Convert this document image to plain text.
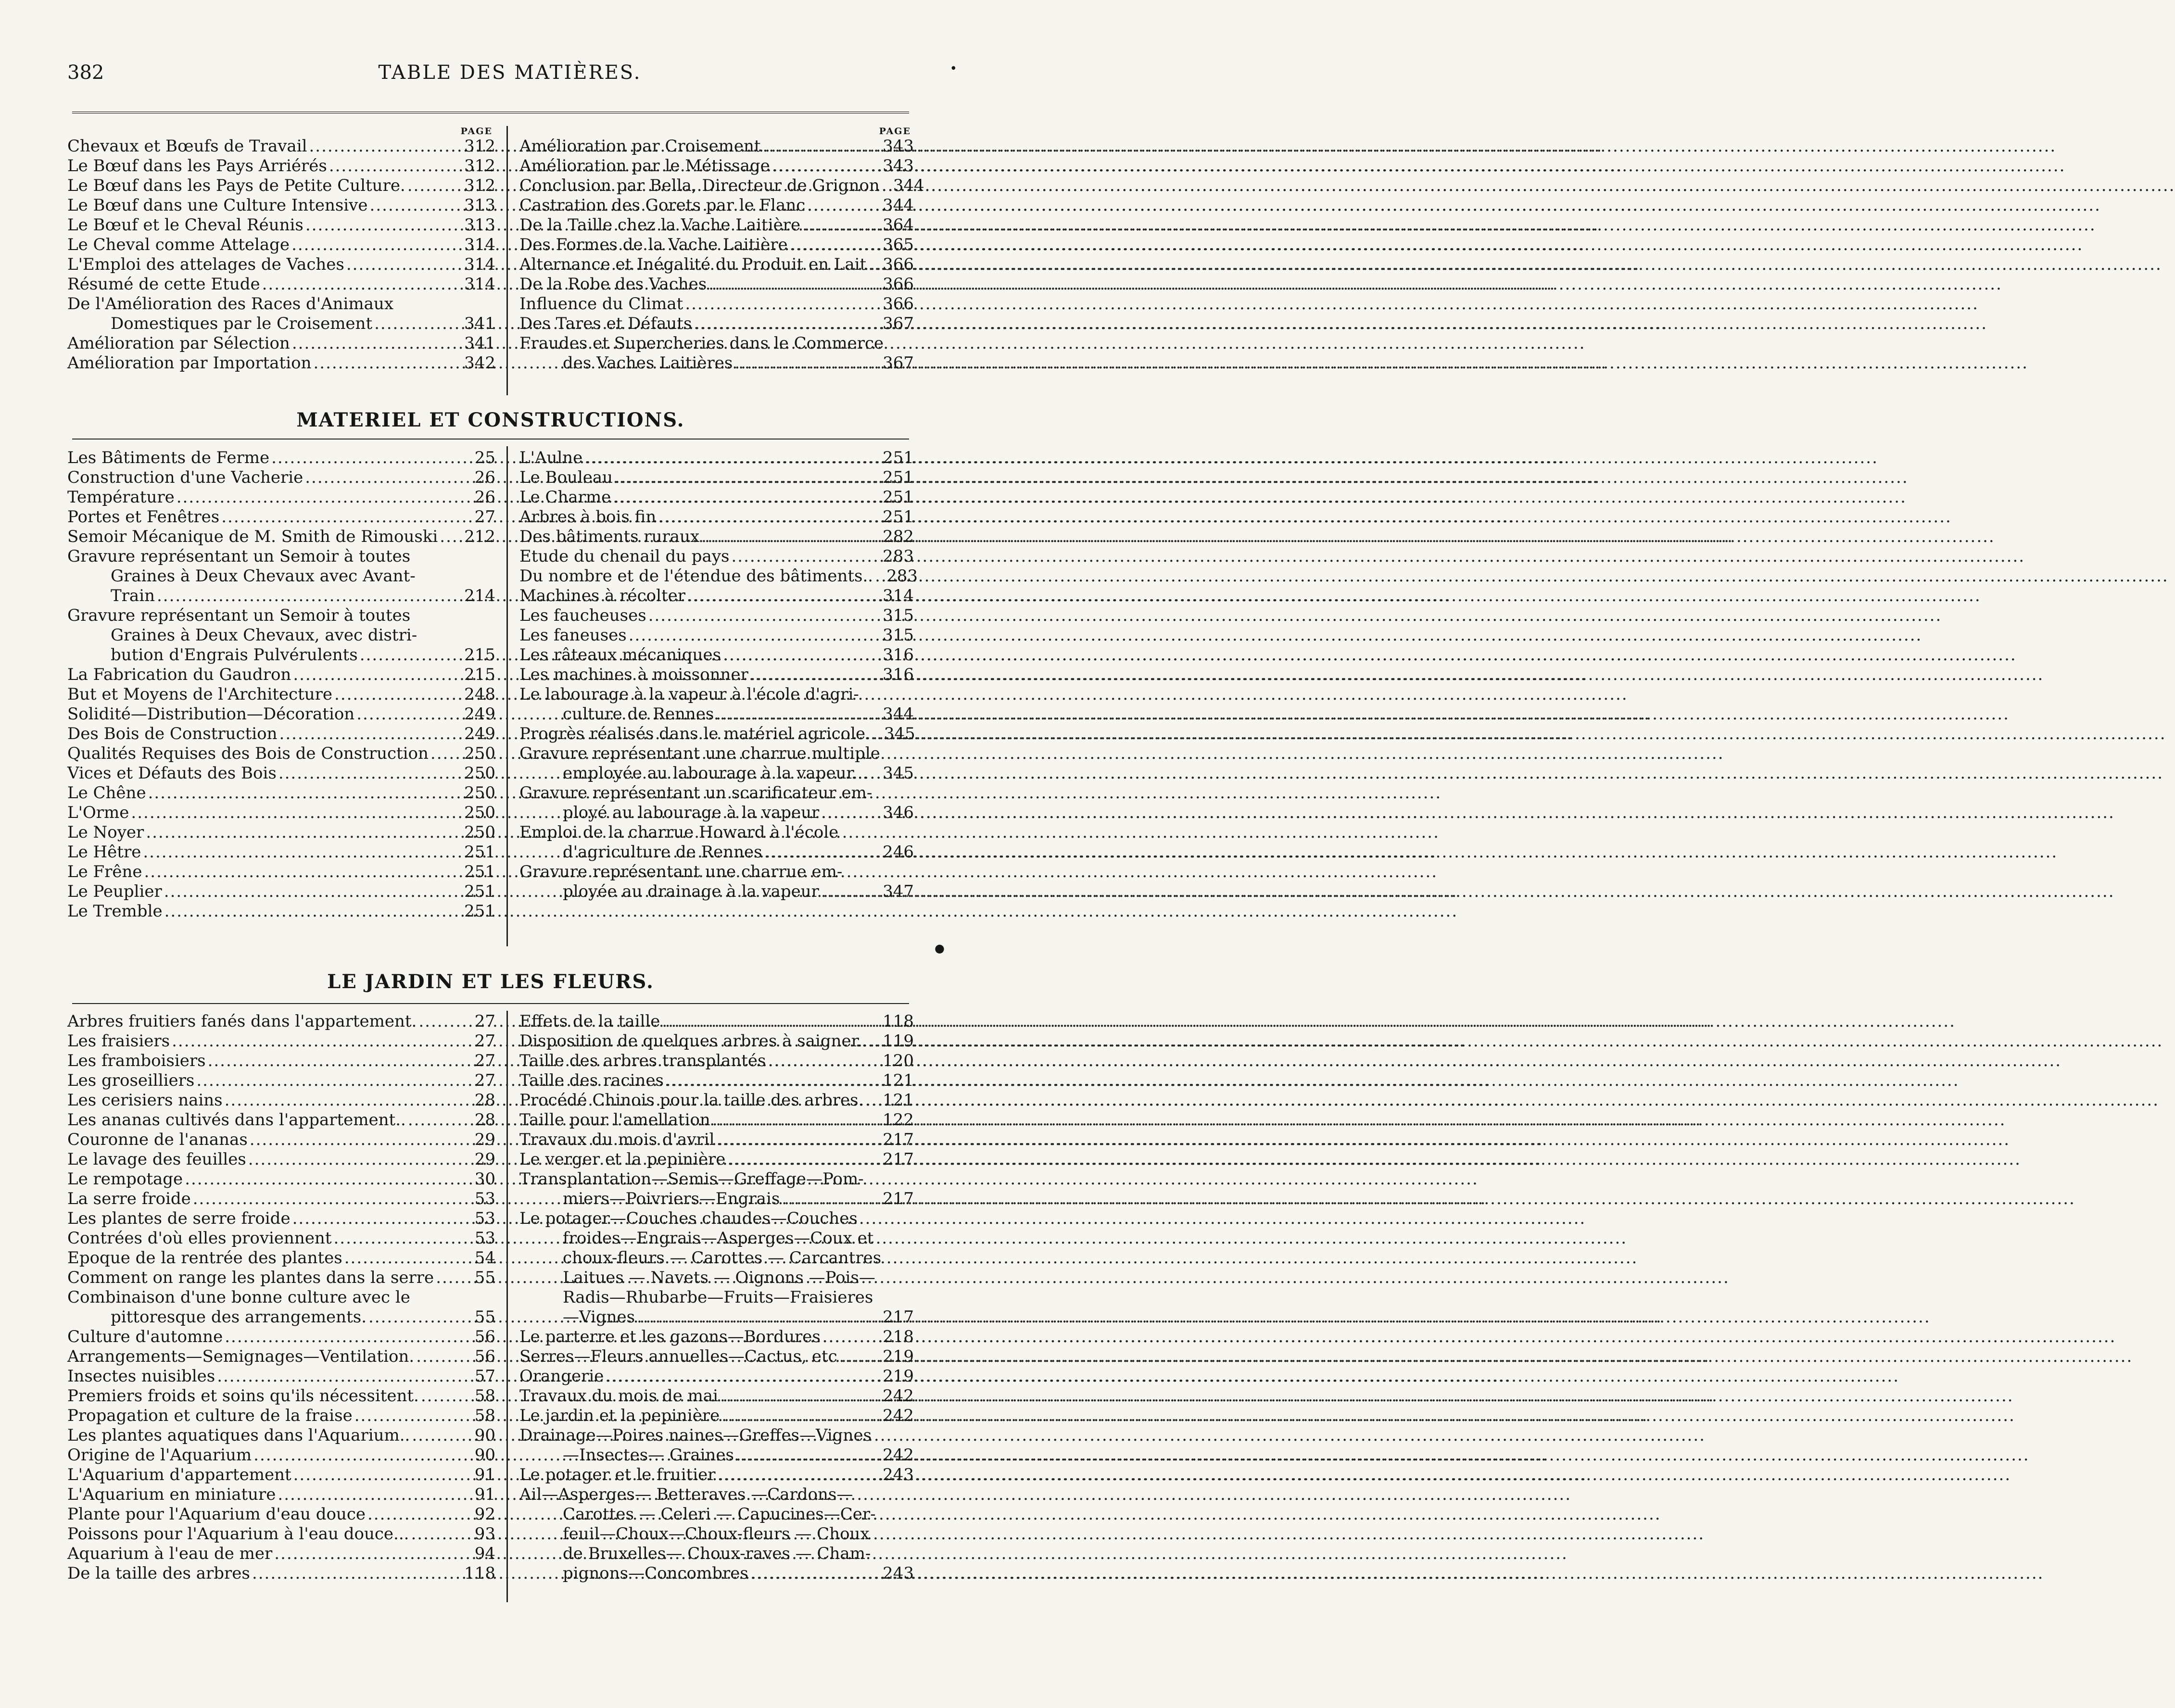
382	TABLE DES MATIÈRES.	•
PAGE
Chevaux et Bœufs de Travail .....	312
Le Bœuf dans les Pays Arriérés .....	312
Le Bœuf dans les Pays de Petite Culture. .....	312
Le Bœuf dans une Culture Intensive .....	313
Le Bœuf et le Cheval Réunis .....	313
Le Cheval comme Attelage .....	314
L'Emploi des attelages de Vaches .....	314
Résumé de cette Etude .....	314
De l'Amélioration des Races d'Animaux
Domestiques par le Croisement .....	341
Amélioration par Sélection .....	341
Amélioration par Importation .....	342
PAGE
Amélioration par Croisement .....	343
Amélioration par le Métissage .....	343
Conclusion par Bella, Directeur de Grignon ..... 344
Castration des Gorets par le Flanc .....	344
De la Taille chez la Vache Laitière .....	364
Des Formes de la Vache Laitière .....	365
Alternance et Inégalité du Produit en Lait ..... 366
De la Robe des Vaches .....	366
Influence du Climat .....	366
Des Tares et Défauts .....	367
Fraudes et Supercheries dans le Commerce
des Vaches Laitières .....	367
MATERIEL ET CONSTRUCTIONS.
Les Bâtiments de Ferme .....	25
Construction d'une Vacherie .....	26
Température .....	26
Portes et Fenêtres .....	27
Semoir Mécanique de M. Smith de Rimouski ..... 212
Gravure représentant un Semoir à toutes
Graines à Deux Chevaux avec Avant-
Train .....	214
Gravure représentant un Semoir à toutes
Graines à Deux Chevaux, avec distri-
bution d'Engrais Pulvérulents .....	215
La Fabrication du Gaudron .....	215
But et Moyens de l'Architecture .....	248
Solidité—Distribution—Décoration .....	249
Des Bois de Construction .....	249
Qualités Requises des Bois de Construction ..... 250
Vices et Défauts des Bois .....	250
Le Chêne .....	250
L'Orme .....	250
Le Noyer .....	250
Le Hêtre .....	251
Le Frêne .....	251
Le Peuplier .....	251
Le Tremble .....	251
L'Aulne .....	251
Le Bouleau .....	251
Le Charme .....	251
Arbres à bois fin .....	251
Des bâtiments ruraux .....	282
Etude du chenail du pays .....	283
Du nombre et de l'étendue des bâtiments.. ..... 283
Machines à récolter .....	314
Les faucheuses .....	315
Les faneuses .....	315
Les râteaux mécaniques .....	316
Les machines à moissonner .....	316
Le labourage à la vapeur à l'école d'agri-
culture de Rennes .....	344
Progrès réalisés dans le matériel agricole. ..... 345
Gravure représentant une charrue multiple
employée au labourage à la vapeur... ..... 345
Gravure représentant un scarificateur em-
ployé au labourage à la vapeur .....	346
Emploi de la charrue Howard à l'école
d'agriculture de Rennes .....	246
Gravure représentant une charrue em-
ployée au drainage à la vapeur .....	347
●
LE JARDIN ET LES FLEURS.
Arbres fruitiers fanés dans l'appartement. .....	27
Les fraisiers .....	27
Les framboisiers .....	27
Les groseilliers .....	27
Les cerisiers nains .....	28
Les ananas cultivés dans l'appartement.. .....	28
Couronne de l'ananas .....	29
Le lavage des feuilles .....	29
Le rempotage .....	30
La serre froide .....	53
Les plantes de serre froide .....	53
Contrées d'où elles proviennent .....	53
Epoque de la rentrée des plantes .....	54
Comment on range les plantes dans la serre .....	55
Combinaison d'une bonne culture avec le
pittoresque des arrangements. .....	55
Culture d'automne .....	56
Arrangements—Semignages—Ventilation. .....	56
Insectes nuisibles .....	57
Premiers froids et soins qu'ils nécessitent. .....	58
Propagation et culture de la fraise .....	58
Les plantes aquatiques dans l'Aquarium.. .....	90
Origine de l'Aquarium .....	90
L'Aquarium d'appartement .....	91
L'Aquarium en miniature .....	91
Plante pour l'Aquarium d'eau douce .....	92
Poissons pour l'Aquarium à l'eau douce... .....	93
Aquarium à l'eau de mer .....	94
De la taille des arbres .....	118
Effets de la taille .....	118
Disposition de quelques arbres à saigner.. ..... 119
Taille des arbres transplantés .....	120
Taille des racines .....	121
Procédé Chinois pour la taille des arbres. ..... 121
Taille pour l'amellation .....	122
Travaux du mois d'avril .....	217
Le verger et la pepinière .....	217
Transplantation—Semis—Greffage—Pom-
miers—Poivriers—Engrais .....	217
Le potager—Couches chaudes—Couches
froides—Engrais—Asperges—Coux et
choux-fleurs — Carottes — Carcantres
Laitues — Navets — Oignons —Pois—
Radis—Rhubarbe—Fruits—Fraisieres
—Vignes .....	217
Le parterre et les gazons—Bordures .....	218
Serres—Fleurs annuelles—Cactus, etc .....	219
Orangerie .....	219
Travaux du mois de mai .....	242
Le jardin et la pepinière .....	242
Drainage—Poires naines—Greffes—Vignes
—Insectes— Graines .....	242
Le potager et le fruitier .....	243
Ail—Asperges— Betteraves —Cardons—
Carottes — Celeri — Capucines—Cer-
feuil—Choux—Choux-fleurs — Choux
de Bruxelles— Choux-raves — Cham-
pignons—Concombres .....	243
